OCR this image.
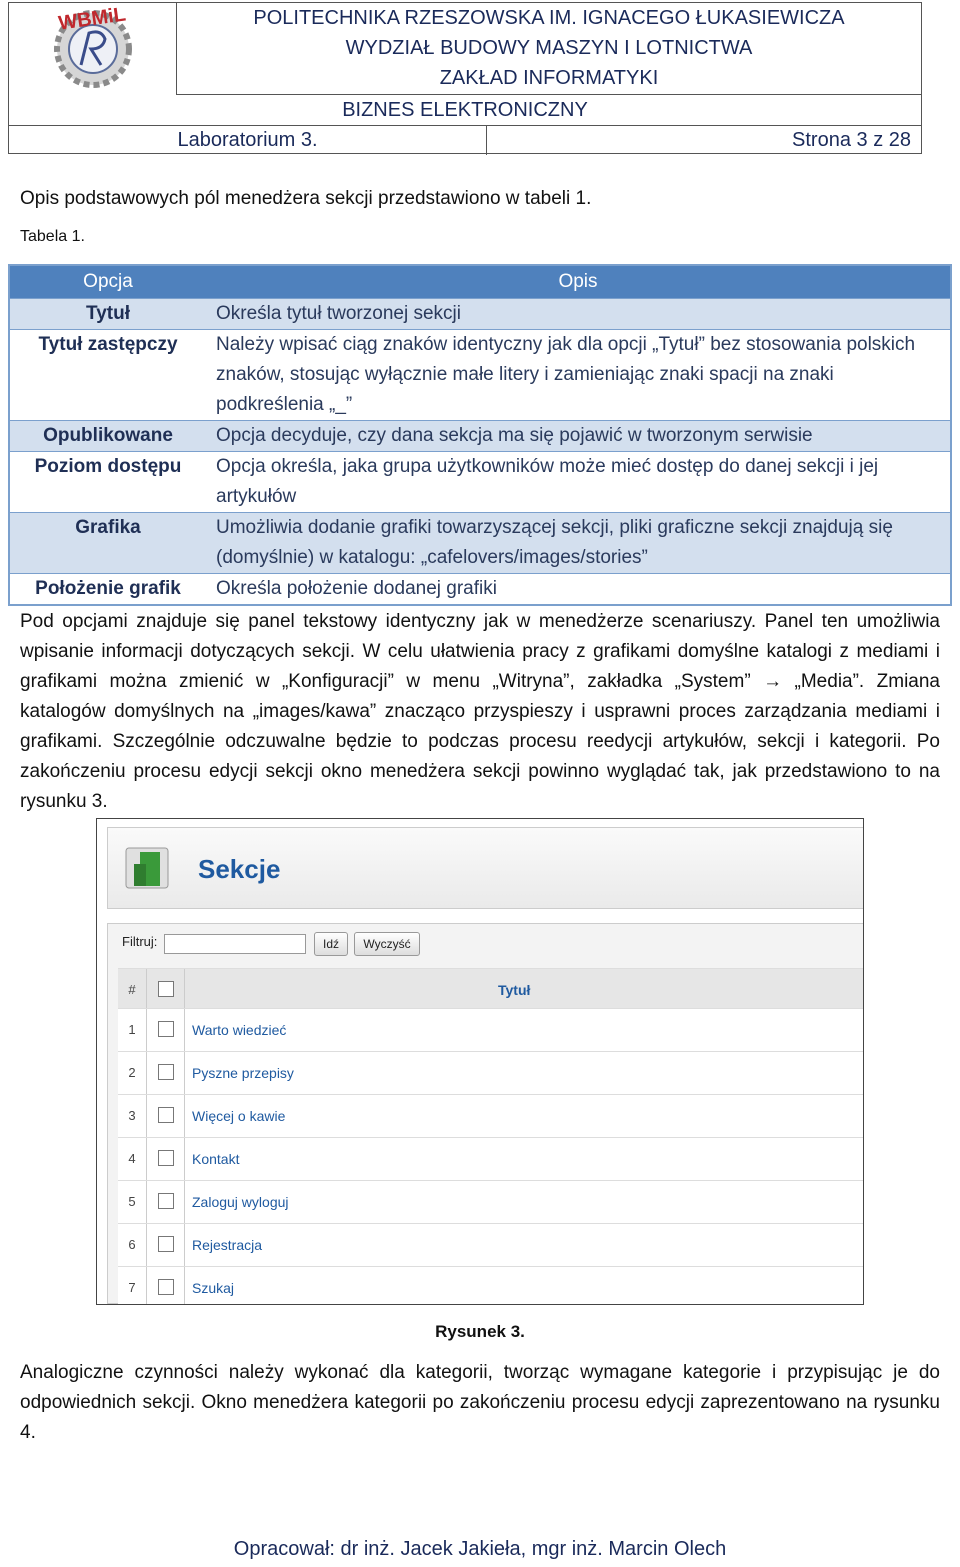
WBMiL	POLITECHNIKA RZESZOWSKA IM. IGNACEGO ŁUKASIEWICZA
WYDZIAŁ BUDOWY MASZYN I LOTNICTWA
ZAKŁAD INFORMATYKI
BIZNES ELEKTRONICZNY
Laboratorium 3.	Strona 3 z 28
Opis podstawowych pól menedżera sekcji przedstawiono w tabeli 1.
Tabela 1.
Opcja	Opis
Tytuł	Określa tytuł tworzonej sekcji
Tytuł zastępczy	Należy wpisać ciąg znaków identyczny jak dla opcji „Tytuł” bez stosowania polskich znaków, stosując wyłącznie małe litery i zamieniając znaki spacji na znaki podkreślenia „_”
Opublikowane	Opcja decyduje, czy dana sekcja ma się pojawić w tworzonym serwisie
Poziom dostępu	Opcja określa, jaka grupa użytkowników może mieć dostęp do danej sekcji i jej artykułów
Grafika	Umożliwia dodanie grafiki towarzyszącej sekcji, pliki graficzne sekcji znajdują się (domyślnie) w katalogu: „cafelovers/images/stories”
Położenie grafik	Określa położenie dodanej grafiki
Pod opcjami znajduje się panel tekstowy identyczny jak w menedżerze scenariuszy. Panel ten umożliwia wpisanie informacji dotyczących sekcji. W celu ułatwienia pracy z grafikami domyślne katalogi z mediami i grafikami można zmienić w „Konfiguracji” w menu „Witryna”, zakładka „System” → „Media”. Zmiana katalogów domyślnych na „images/kawa” znacząco przyspieszy i usprawni proces zarządzania mediami i grafikami. Szczególnie odczuwalne będzie to podczas procesu reedycji artykułów, sekcji i kategorii. Po zakończeniu procesu edycji sekcji okno menedżera sekcji powinno wyglądać tak, jak przedstawiono to na rysunku 3.
Sekcje
Filtruj:	Idź	Wyczyść
#	Tytuł
1	Warto wiedzieć
2	Pyszne przepisy
3	Więcej o kawie
4	Kontakt
5	Zaloguj wyloguj
6	Rejestracja
7	Szukaj
Rysunek 3.
Analogiczne czynności należy wykonać dla kategorii, tworząc wymagane kategorie i przypisując je do odpowiednich sekcji. Okno menedżera kategorii po zakończeniu procesu edycji zaprezentowano na rysunku 4.
Opracował: dr inż. Jacek Jakieła, mgr inż. Marcin Olech
